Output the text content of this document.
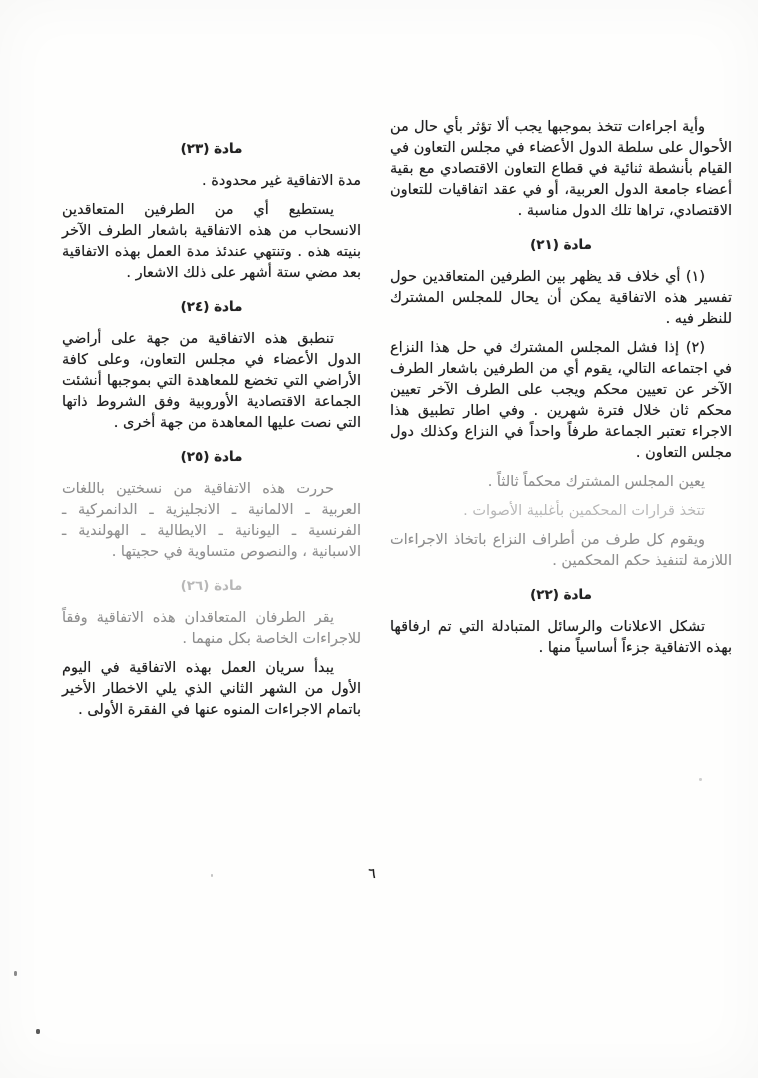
وأية اجراءات تتخذ بموجبها يجب ألا تؤثر بأي حال من الأحوال على سلطة الدول الأعضاء في مجلس التعاون في القيام بأنشطة ثنائية في قطاع التعاون الاقتصادي مع بقية أعضاء جامعة الدول العربية، أو في عقد اتفاقيات للتعاون الاقتصادي، تراها تلك الدول مناسبة .

مادة (٢١)

(١) أي خلاف قد يظهر بين الطرفين المتعاقدين حول تفسير هذه الاتفاقية يمكن أن يحال للمجلس المشترك للنظر فيه .

(٢) إذا فشل المجلس المشترك في حل هذا النزاع في اجتماعه التالي، يقوم أي من الطرفين باشعار الطرف الآخر عن تعيين محكم ويجب على الطرف الآخر تعيين محكم ثان خلال فترة شهرين . وفي اطار تطبيق هذا الاجراء تعتبر الجماعة طرفاً واحداً في النزاع وكذلك دول مجلس التعاون .

يعين المجلس المشترك محكماً ثالثاً .

تتخذ قرارات المحكمين بأغلبية الأصوات .

ويقوم كل طرف من أطراف النزاع باتخاذ الاجراءات اللازمة لتنفيذ حكم المحكمين .

مادة (٢٢)

تشكل الاعلانات والرسائل المتبادلة التي تم ارفاقها بهذه الاتفاقية جزءاً أساسياً منها .

مادة (٢٣)

مدة الاتفاقية غير محدودة .

يستطيع أي من الطرفين المتعاقدين الانسحاب من هذه الاتفاقية باشعار الطرف الآخر بنيته هذه . وتنتهي عندئذ مدة العمل بهذه الاتفاقية بعد مضي ستة أشهر على ذلك الاشعار .

مادة (٢٤)

تنطبق هذه الاتفاقية من جهة على أراضي الدول الأعضاء في مجلس التعاون، وعلى كافة الأراضي التي تخضع للمعاهدة التي بموجبها أنشئت الجماعة الاقتصادية الأوروبية وفق الشروط ذاتها التي نصت عليها المعاهدة من جهة أخرى .

مادة (٢٥)

حررت هذه الاتفاقية من نسختين باللغات العربية ـ الالمانية ـ الانجليزية ـ الدانمركية ـ الفرنسية ـ اليونانية ـ الايطالية ـ الهولندية ـ الاسبانية ، والنصوص متساوية في حجيتها .

مادة (٢٦)

يقر الطرفان المتعاقدان هذه الاتفاقية وفقاً للاجراءات الخاصة بكل منهما .

يبدأ سريان العمل بهذه الاتفاقية في اليوم الأول من الشهر الثاني الذي يلي الاخطار الأخير باتمام الاجراءات المنوه عنها في الفقرة الأولى .

٦
